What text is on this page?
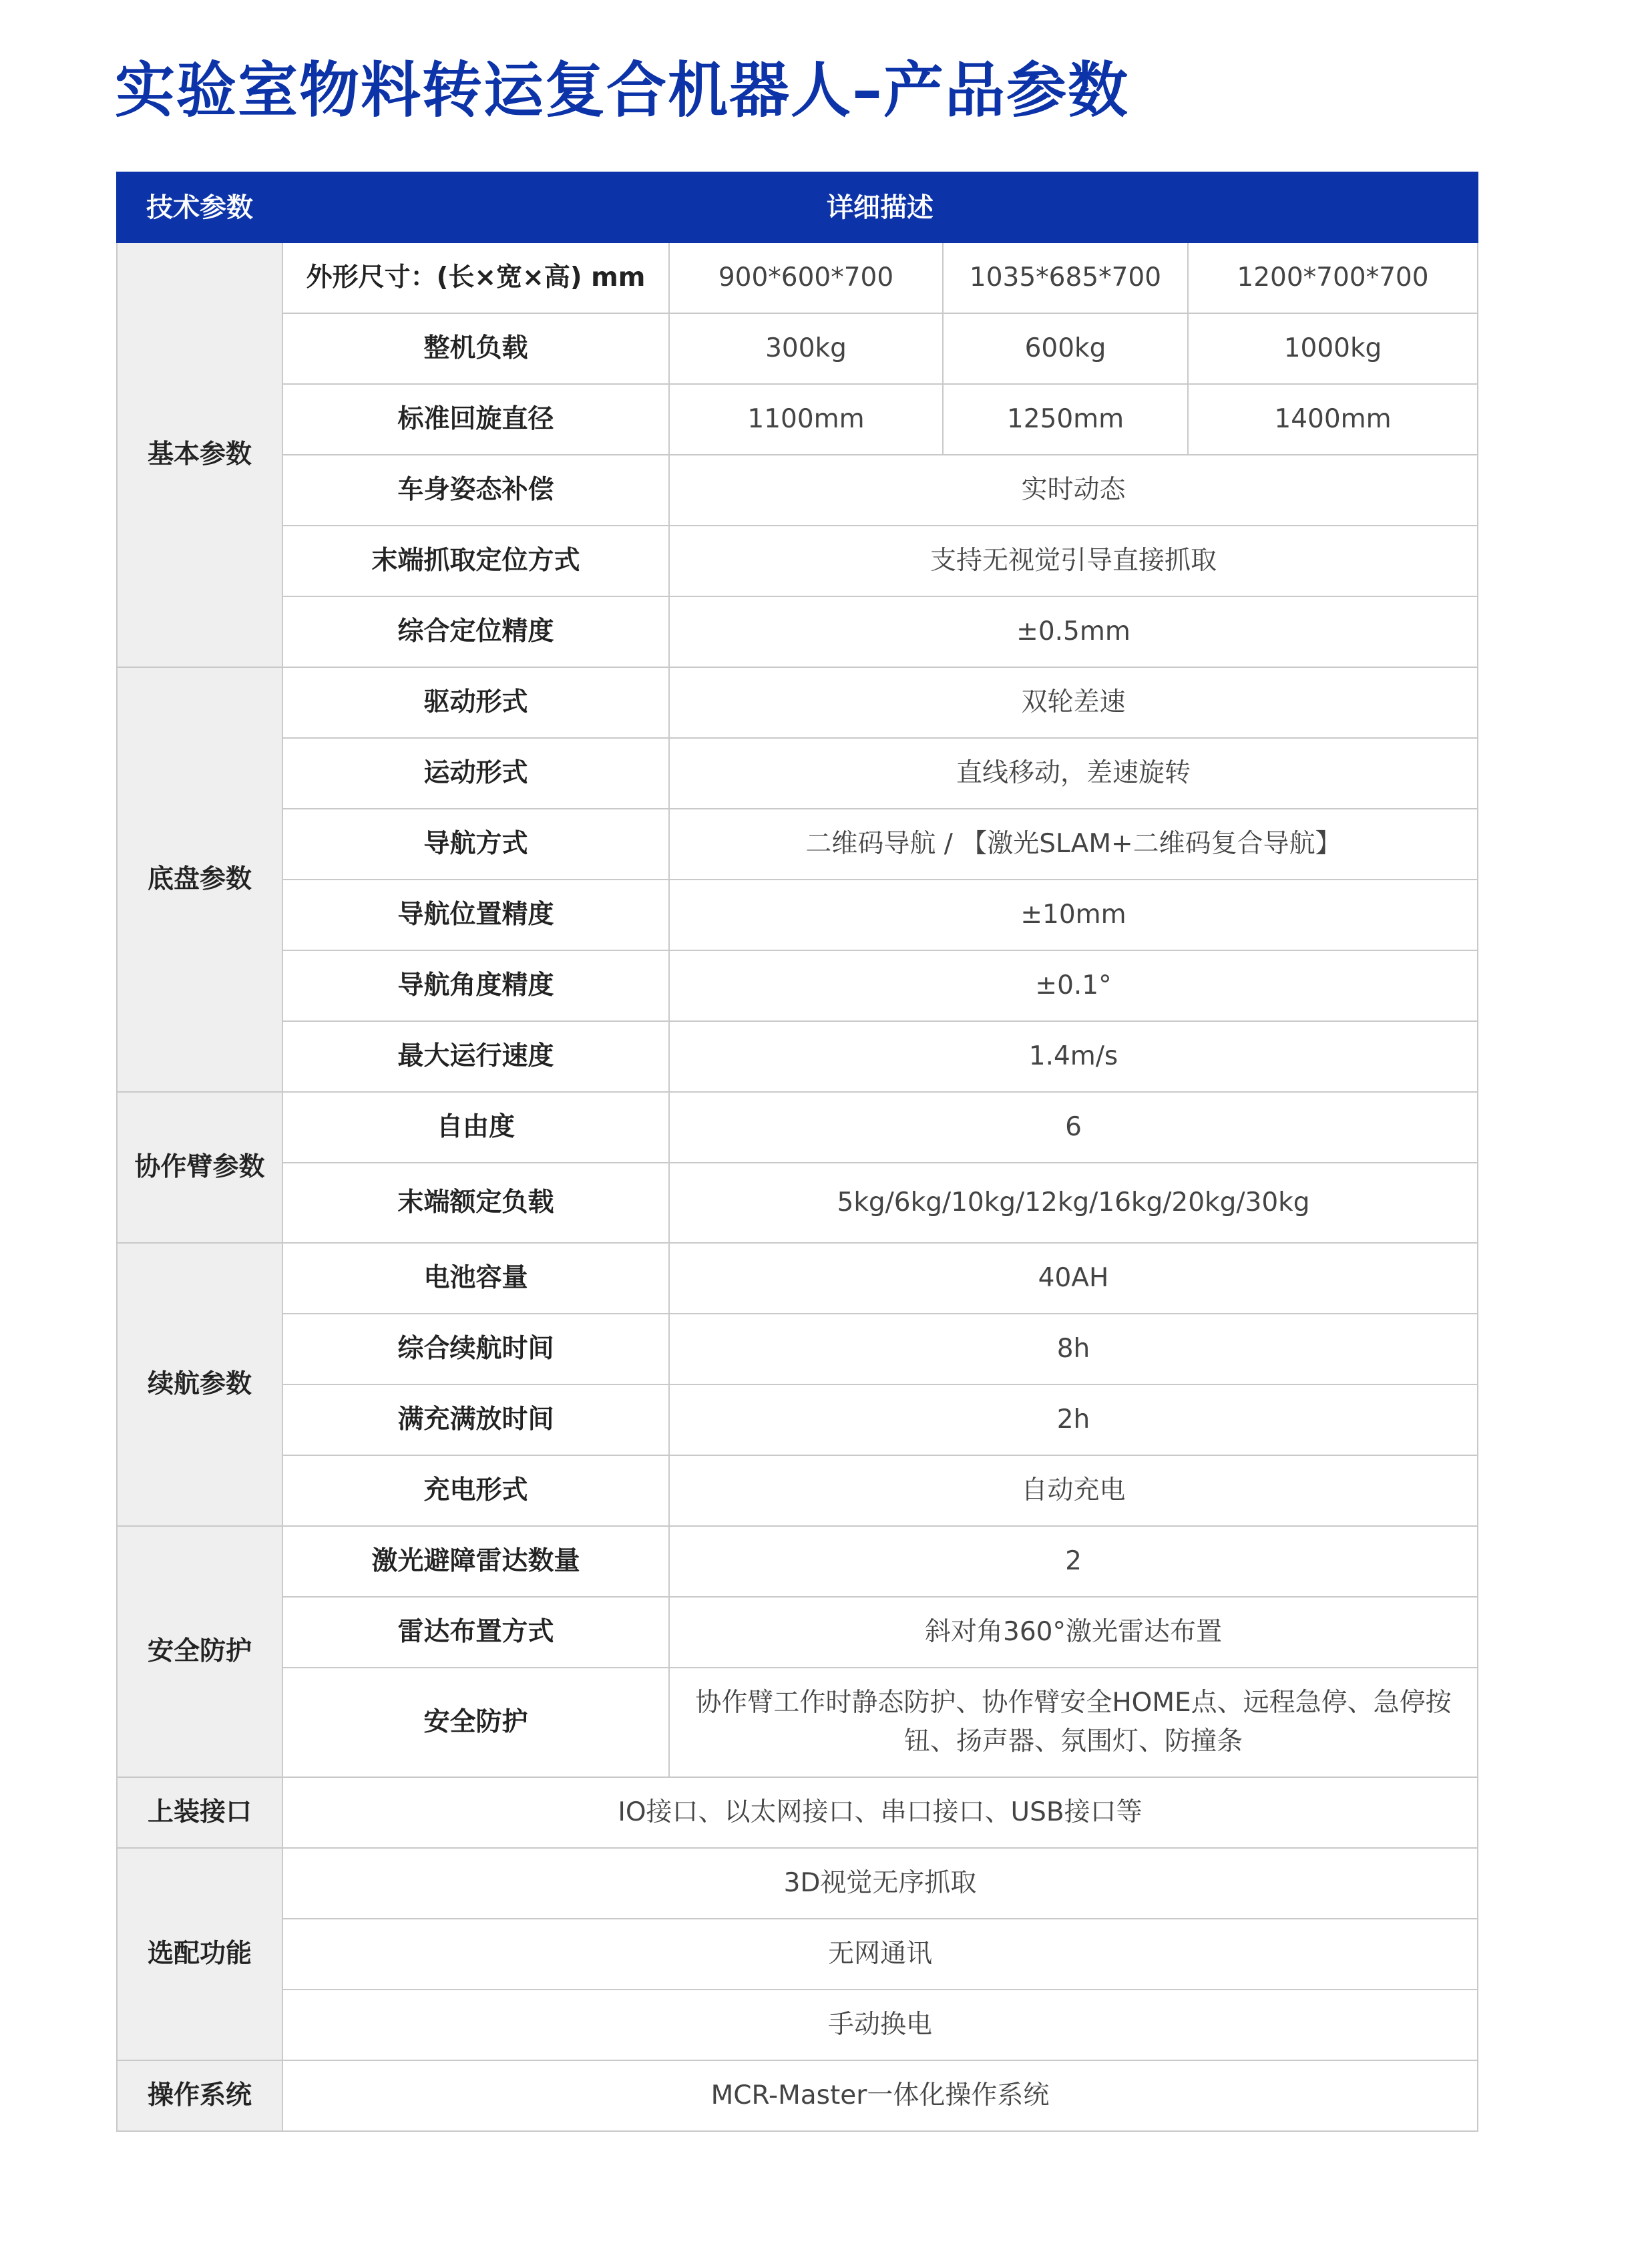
实验室物料转运复合机器人–产品参数
技术参数	详细描述			
基本参数	外形尺寸：(长×宽×高) mm	900*600*700	1035*685*700	1200*700*700
	整机负载	300kg	600kg	1000kg
	标准回旋直径	1100mm	1250mm	1400mm
	车身姿态补偿	实时动态		
	末端抓取定位方式	支持无视觉引导直接抓取		
	综合定位精度	±0.5mm		
底盘参数	驱动形式	双轮差速		
	运动形式	直线移动，差速旋转		
	导航方式	二维码导航 / 【激光SLAM+二维码复合导航】		
	导航位置精度	±10mm		
	导航角度精度	±0.1°		
	最大运行速度	1.4m/s		
协作臂参数	自由度	6		
	末端额定负载	5kg/6kg/10kg/12kg/16kg/20kg/30kg		
续航参数	电池容量	40AH		
	综合续航时间	8h		
	满充满放时间	2h		
	充电形式	自动充电		
安全防护	激光避障雷达数量	2		
	雷达布置方式	斜对角360°激光雷达布置		
	安全防护	协作臂工作时静态防护、协作臂安全HOME点、远程急停、急停按钮、扬声器、氛围灯、防撞条		
上装接口	IO接口、以太网接口、串口接口、USB接口等			
选配功能	3D视觉无序抓取			
	无网通讯			
	手动换电			
操作系统	MCR-Master一体化操作系统			
